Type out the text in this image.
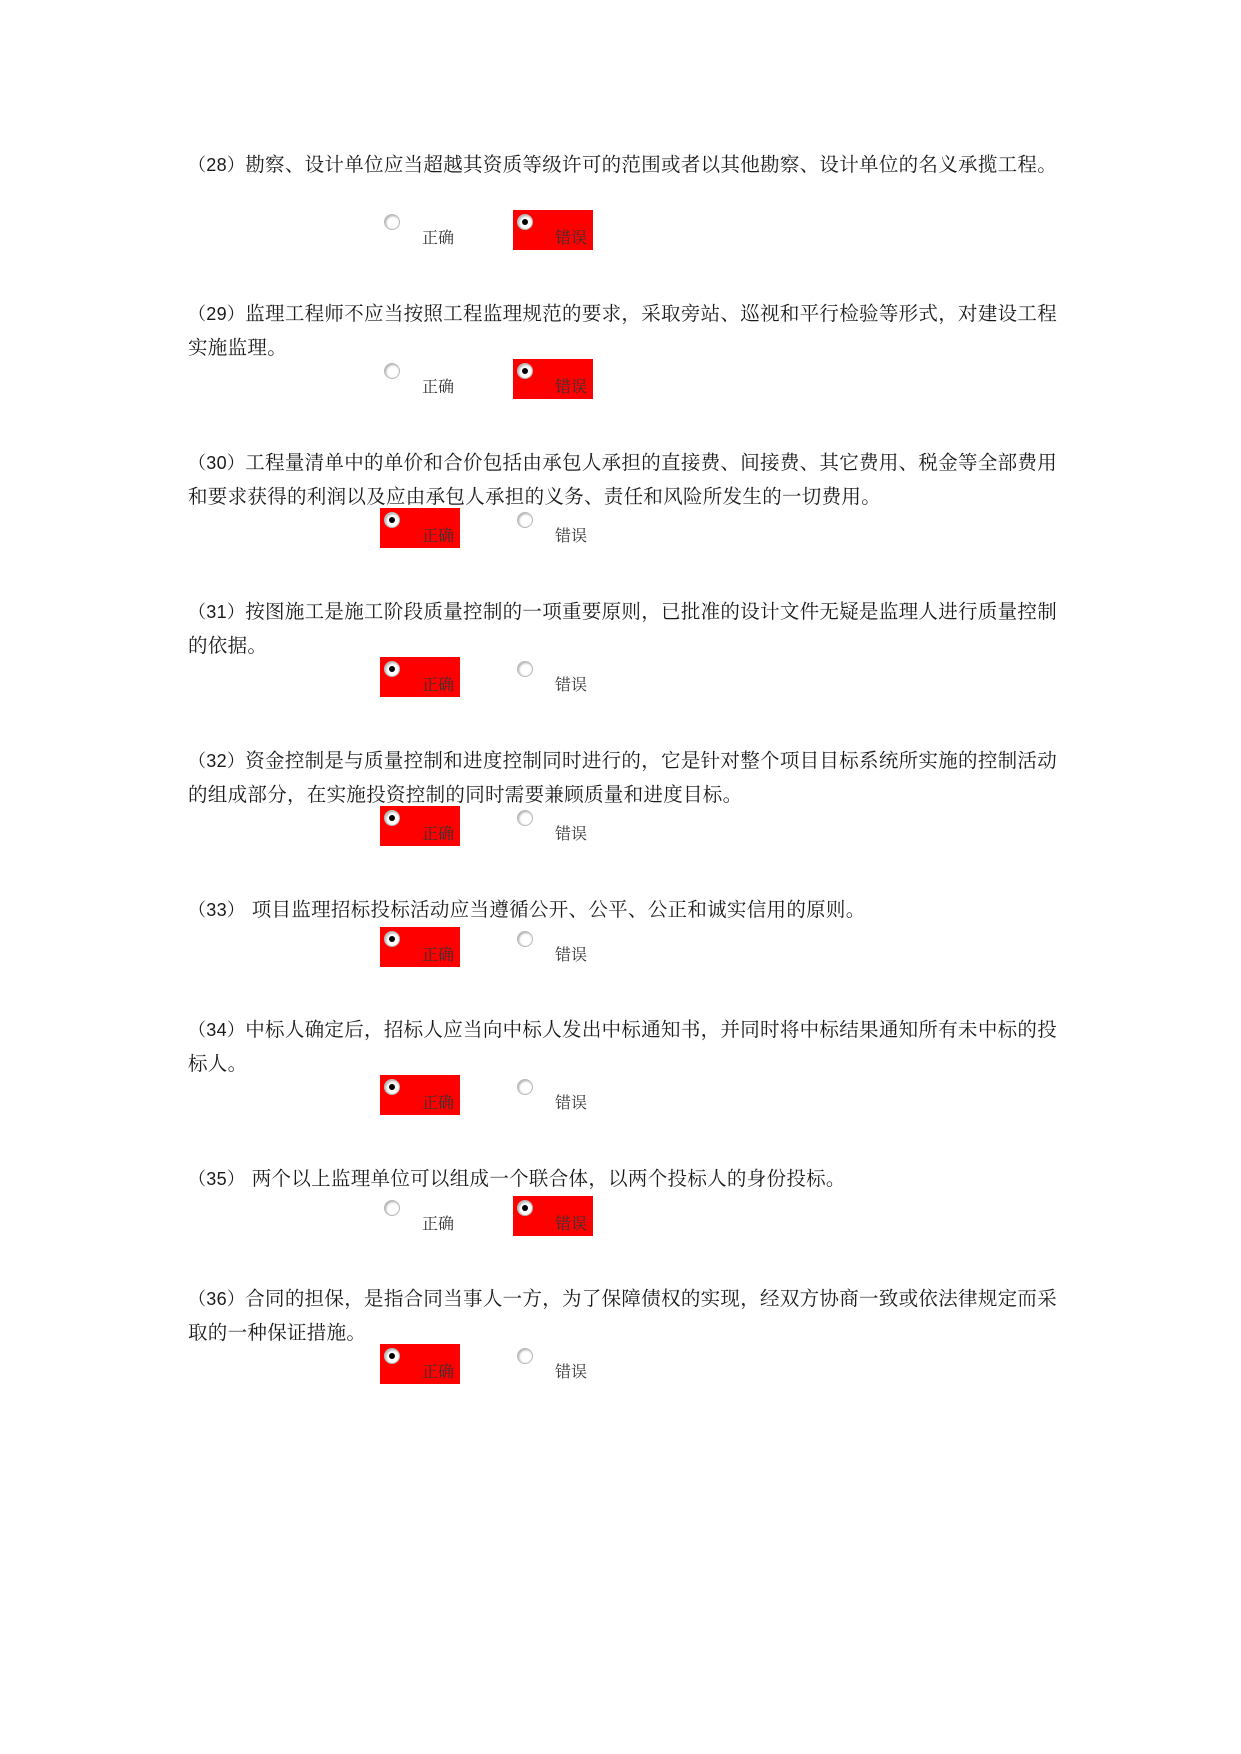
（28）勘察、设计单位应当超越其资质等级许可的范围或者以其他勘察、设计单位的名义承揽工程。

正确	错误

（29）监理工程师不应当按照工程监理规范的要求，采取旁站、巡视和平行检验等形式，对建设工程实施监理。

正确	错误

（30）工程量清单中的单价和合价包括由承包人承担的直接费、间接费、其它费用、税金等全部费用和要求获得的利润以及应由承包人承担的义务、责任和风险所发生的一切费用。

正确	错误

（31）按图施工是施工阶段质量控制的一项重要原则，已批准的设计文件无疑是监理人进行质量控制的依据。

正确	错误

（32）资金控制是与质量控制和进度控制同时进行的，它是针对整个项目目标系统所实施的控制活动的组成部分，在实施投资控制的同时需要兼顾质量和进度目标。

正确	错误

（33） 项目监理招标投标活动应当遵循公开、公平、公正和诚实信用的原则。

正确	错误

（34）中标人确定后，招标人应当向中标人发出中标通知书，并同时将中标结果通知所有未中标的投标人。

正确	错误

（35） 两个以上监理单位可以组成一个联合体，以两个投标人的身份投标。

正确	错误

（36）合同的担保，是指合同当事人一方，为了保障债权的实现，经双方协商一致或依法律规定而采取的一种保证措施。

正确	错误
